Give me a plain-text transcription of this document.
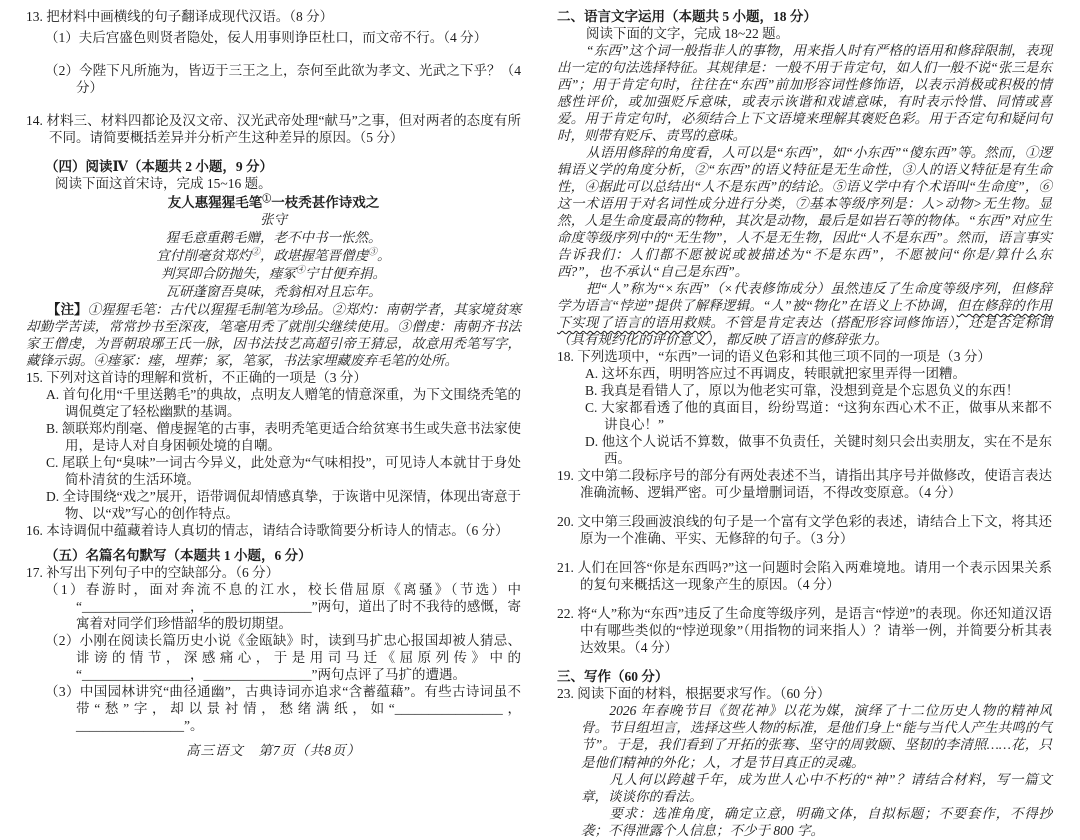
13. 把材料中画横线的句子翻译成现代汉语。（8 分）

（1）夫后宫盛色则贤者隐处，佞人用事则诤臣杜口，而文帝不行。（4 分）

（2）今陛下凡所施为，皆迈于三王之上，奈何至此欲为孝文、光武之下乎？（4 分）

14. 材料三、材料四都论及汉文帝、汉光武帝处理“献马”之事，但对两者的态度有所不同。请简要概括差异并分析产生这种差异的原因。（5 分）

（四）阅读Ⅳ（本题共 2 小题，9 分）

阅读下面这首宋诗，完成 15~16 题。

友人惠猩猩毛笔①一枝秃甚作诗戏之

张守

猩毛意重鹅毛赠，老不中书一怅然。

宜付削毫贫郑灼②，政堪握笔晋僧虔③。

判冥即合防抛失，瘗冢④宁甘便弃捐。

瓦研蓬窗吾臭味，秃翁相对且忘年。

【注】①猩猩毛笔：古代以猩猩毛制笔为珍品。②郑灼：南朝学者，其家境贫寒却勤学苦读，常常抄书至深夜，笔毫用秃了就削尖继续使用。③僧虔：南朝齐书法家王僧虔，为晋朝琅琊王氏一脉，因书法技艺高超引帝王猜忌，故意用秃笔写字，藏锋示弱。④瘗冢：瘗，埋葬；冢，笔冢，书法家埋藏废弃毛笔的处所。

15. 下列对这首诗的理解和赏析，不正确的一项是（3 分）

A. 首句化用“千里送鹅毛”的典故，点明友人赠笔的情意深重，为下文围绕秃笔的调侃奠定了轻松幽默的基调。

B. 颔联郑灼削毫、僧虔握笔的古事，表明秃笔更适合给贫寒书生或失意书法家使用，是诗人对自身困顿处境的自嘲。

C. 尾联上句“臭味”一词古今异义，此处意为“气味相投”，可见诗人本就甘于身处简朴清贫的生活环境。

D. 全诗围绕“戏之”展开，语带调侃却情感真挚，于诙谐中见深情，体现出寄意于物、以“戏”写心的创作特点。

16. 本诗调侃中蕴藏着诗人真切的情志，请结合诗歌简要分析诗人的情志。（6 分）

（五）名篇名句默写（本题共 1 小题，6 分）

17. 补写出下列句子中的空缺部分。（6 分）

（1）春游时，面对奔流不息的江水，校长借屈原《离骚》（节选）中“________________，________________”两句，道出了时不我待的感慨，寄寓着对同学们珍惜韶华的殷切期望。

（2）小刚在阅读长篇历史小说《金瓯缺》时，读到马扩忠心报国却被人猜忌、诽谤的情节，深感痛心，于是用司马迁《屈原列传》中的“________________，________________”两句点评了马扩的遭遇。

（3）中国园林讲究“曲径通幽”，古典诗词亦追求“含蓄蕴藉”。有些古诗词虽不带“愁”字，却以景衬情，愁绪满纸，如“________________，________________”。

高三语文　第7页（共8页）

二、语言文字运用（本题共 5 小题，18 分）

阅读下面的文字，完成 18~22 题。

“东西”这个词一般指非人的事物，用来指人时有严格的语用和修辞限制，表现出一定的句法选择特征。其规律是：一般不用于肯定句，如人们一般不说“张三是东西”；用于肯定句时，往往在“东西”前加形容词性修饰语，以表示消极或积极的情感性评价，或加强贬斥意味，或表示诙谐和戏谑意味，有时表示怜惜、同情或喜爱。用于肯定句时，必须结合上下文语境来理解其褒贬色彩。用于否定句和疑问句时，则带有贬斥、责骂的意味。

从语用修辞的角度看，人可以是“东西”，如“小东西”“傻东西”等。然而，①逻辑语义学的角度分析，②“东西”的语义特征是无生命性，③人的语义特征是有生命性，④据此可以总结出“人不是东西”的结论。⑤语义学中有个术语叫“生命度”，⑥这一术语用于对名词性成分进行分类，⑦基本等级序列是：人>动物>无生物。显然，人是生命度最高的物种，其次是动物，最后是如岩石等的物体。“东西”对应生命度等级序列中的“无生物”，人不是无生物，因此“人不是东西”。然而，语言事实告诉我们：人们都不愿被说或被描述为“不是东西”，不愿被问“你是/算什么东西?”，也不承认“自己是东西”。

把“人”称为“×东西”（×代表修饰成分）虽然违反了生命度等级序列，但修辞学为语言“悖逆”提供了解释逻辑。“人”被“物化”在语义上不协调，但在修辞的作用下实现了语言的语用救赎。不管是肯定表达（搭配形容词修饰语），还是否定称谓（具有规约化的评价意义），都反映了语言的修辞张力。

18. 下列选项中，“东西”一词的语义色彩和其他三项不同的一项是（3 分）

A. 这坏东西，明明答应过不再调皮，转眼就把家里弄得一团糟。

B. 我真是看错人了，原以为他老实可靠，没想到竟是个忘恩负义的东西！

C. 大家都看透了他的真面目，纷纷骂道：“这狗东西心术不正，做事从来都不讲良心！”

D. 他这个人说话不算数，做事不负责任，关键时刻只会出卖朋友，实在不是东西。

19. 文中第二段标序号的部分有两处表述不当，请指出其序号并做修改，使语言表达准确流畅、逻辑严密。可少量增删词语，不得改变原意。（4 分）

20. 文中第三段画波浪线的句子是一个富有文学色彩的表述，请结合上下文，将其还原为一个准确、平实、无修辞的句子。（3 分）

21. 人们在回答“你是东西吗?”这一问题时会陷入两难境地。请用一个表示因果关系的复句来概括这一现象产生的原因。（4 分）

22. 将“人”称为“东西”违反了生命度等级序列，是语言“悖逆”的表现。你还知道汉语中有哪些类似的“悖逆现象”（用指物的词来指人）？请举一例，并简要分析其表达效果。（4 分）

三、写作（60 分）

23. 阅读下面的材料，根据要求写作。（60 分）

2026 年春晚节目《贺花神》以花为媒，演绎了十二位历史人物的精神风骨。节目组坦言，选择这些人物的标准，是他们身上“能与当代人产生共鸣的气节”。于是，我们看到了开拓的张骞、坚守的周敦颐、坚韧的李清照……花，只是他们精神的外化；人，才是节目真正的灵魂。

凡人何以跨越千年，成为世人心中不朽的“神”？请结合材料，写一篇文章，谈谈你的看法。

要求：选准角度，确定立意，明确文体，自拟标题；不要套作，不得抄袭；不得泄露个人信息；不少于 800 字。
